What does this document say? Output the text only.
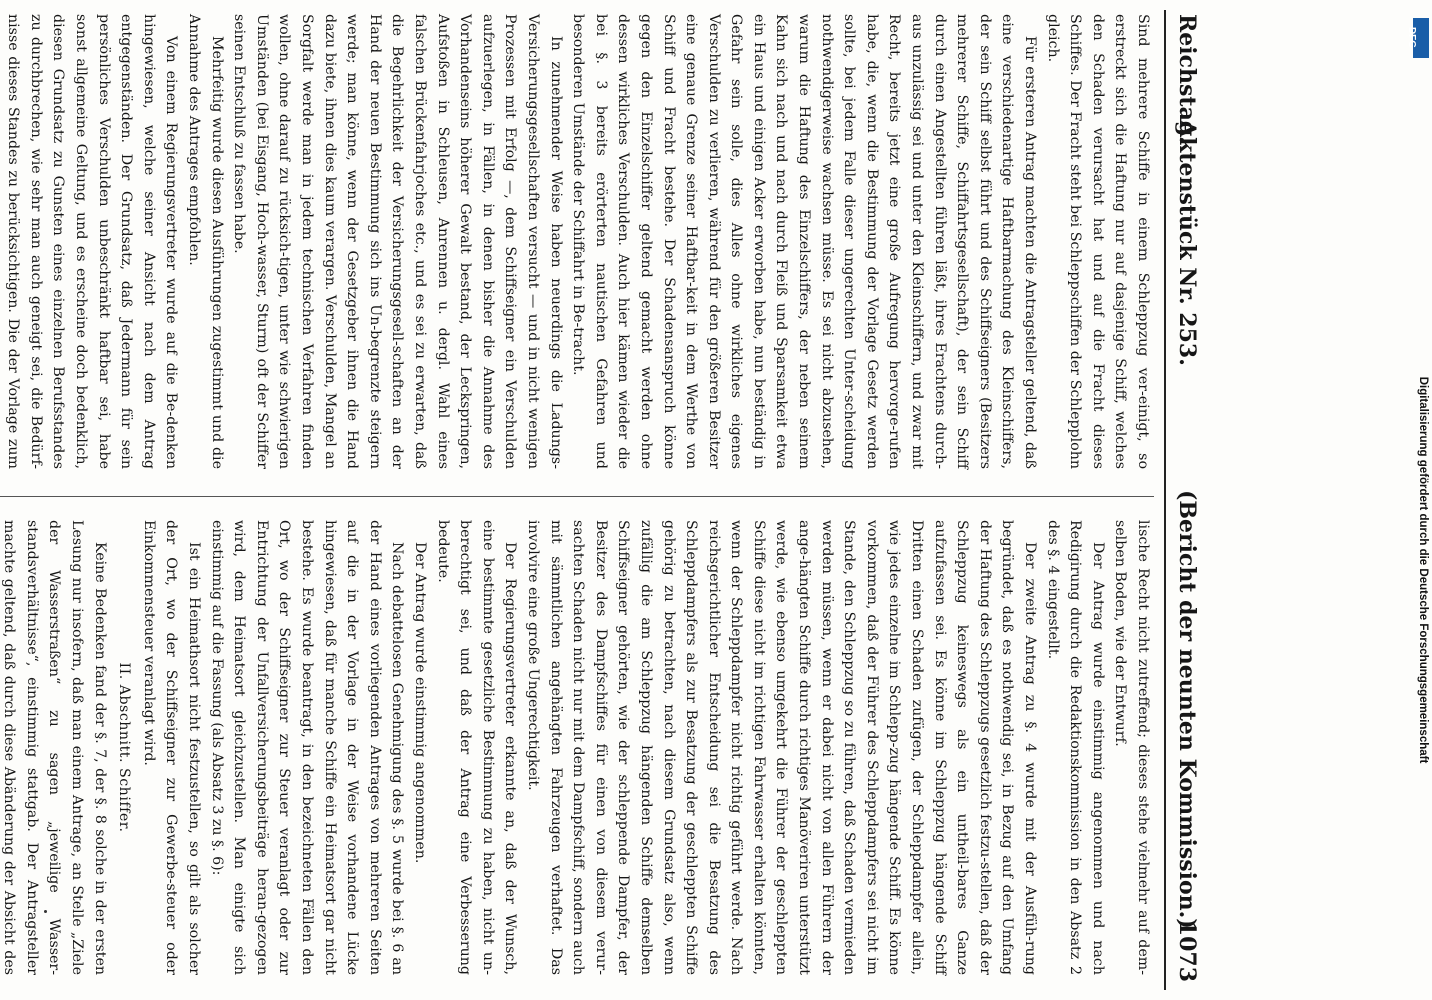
Reichstag.
Aktenstück Nr. 253.
(Bericht der neunten Kommission.)
1073

Sind mehrere Schiffe in einem Schleppzug ver-einigt, so erstreckt sich die Haftung nur auf dasjenige Schiff, welches den Schaden verursacht hat und auf die Fracht dieses Schiffes. Der Fracht steht bei Schleppschiffen der Schlepplohn gleich.

Für ersteren Antrag machten die Antragsteller geltend, daß eine verschiedenartige Haftbarmachung des Kleinschiffers, der sein Schiff selbst führt und des Schiffseigners (Besitzers mehrerer Schiffe, Schiffahrtsgesellschaft), der sein Schiff durch einen Angestellten führen läßt, ihres Erachtens durch-aus unzulässig sei und unter den Kleinschiffern, und zwar mit Recht, bereits jetzt eine große Aufregung hervorge-rufen habe, die, wenn die Bestimmung der Vorlage Gesetz werden sollte, bei jedem Falle dieser ungerechten Unter-scheidung nothwendigerweise wachsen müsse. Es sei nicht abzusehen, warum die Haftung des Einzelschiffers, der neben seinem Kahn sich nach und nach durch Fleiß und Sparsamkeit etwa ein Haus und einigen Acker erworben habe, nun beständig in Gefahr sein solle, dies Alles ohne wirkliches eigenes Verschulden zu verlieren, während für den größeren Besitzer eine genaue Grenze seiner Haftbar-keit in dem Werthe von Schiff und Fracht bestehe. Der Schadensanspruch könne gegen den Einzelschiffer geltend gemacht werden ohne dessen wirkliches Verschulden. Auch hier kämen wieder die bei §. 3 bereits erörterten nautischen Gefahren und besonderen Umstände der Schiffahrt in Be-tracht.

In zunehmender Weise haben neuerdings die Ladungs-Versicherungsgesellschaften versucht — und in nicht wenigen Prozessen mit Erfolg —, dem Schiffseigner ein Verschulden aufzuerlegen, in Fällen, in denen bisher die Annahme des Vorhandenseins höherer Gewalt bestand, der Leckspringen, Aufstoßen in Schleusen, Anrennen u. dergl. Wahl eines falschen Brückenfahrjoches etc., und es sei zu erwarten, daß die Begehrlichkeit der Versicherungsgesell-schaften an der Hand der neuen Bestimmung sich ins Un-begrenzte steigern werde; man könne, wenn der Gesetzgeber ihnen die Hand dazu biete, ihnen dies kaum verargen. Verschulden, Mangel an Sorgfalt werde man in jedem technischen Verfahren finden wollen, ohne darauf zu rücksich-tigen, unter wie schwierigen Umständen (bei Eisgang, Hoch-wasser, Sturm) oft der Schiffer seinen Entschluß zu fassen habe.

Mehrfeitig wurde diesen Ausführungen zugestimmt und die Annahme des Antrages empfohlen.

Von einem Regierungsvertreter wurde auf die Be-denken hingewiesen, welche seiner Ansicht nach dem Antrag entgegenständen. Der Grundsatz, daß Jedermann für sein persönliches Verschulden unbeschränkt haftbar sei, habe sonst allgemeine Geltung, und es erscheine doch bedenklich, diesen Grundsatz zu Gunsten eines einzelnen Berufsstandes zu durchbrechen, wie sehr man auch geneigt sei, die Bedürf-nisse dieses Standes zu berücksichtigen. Die der Vorlage zum

lische Recht nicht zutreffend; dieses stehe vielmehr auf dem-selben Boden, wie der Entwurf.

Der Antrag wurde einstimmig angenommen und nach Redigirung durch die Redaktionskommission in den Absatz 2 des §. 4 eingestellt.

Der zweite Antrag zu §. 4 wurde mit der Ausfüh-rung begründet, daß es nothwendig sei, in Bezug auf den Umfang der Haftung des Schleppzugs gesetzlich festzu-stellen, daß der Schleppzug keineswegs als ein untheil-bares Ganze aufzufassen sei. Es könne im Schleppzug hängende Schiff Dritten einen Schaden zufügen, der Schleppdampfer allein, wie jedes einzelne im Schlepp-zug hängende Schiff. Es könne vorkommen, daß der Führer des Schleppdampfers sei nicht im Stande, den Schleppzug so zu führen, daß Schaden vermieden werden müssen, wenn er dabei nicht von allen Führern der ange-hängten Schiffe durch richtiges Manöveriren unterstützt werde, wie ebenso umgekehrt die Führer der geschleppten Schiffe diese nicht im richtigen Fahrwasser erhalten könnten, wenn der Schleppdampfer nicht richtig geführt werde. Nach reichsgerichtlicher Entscheidung sei die Besatzung des Schleppdampfers als zur Besatzung der geschleppten Schiffe gehörig zu betrachten, nach diesem Grundsatz also, wenn zufällig die am Schleppzug hängenden Schiffe demselben Schiffseigner gehörten, wie der schleppende Dampfer, der Besitzer des Dampfschiffes für einen von diesem verur-sachten Schaden nicht nur mit dem Dampfschiff, sondern auch mit sämmtlichen angehängten Fahrzeugen verhaftet. Das involvire eine große Ungerechtigkeit.

Der Regierungsvertreter erkannte an, daß der Wunsch, eine bestimmte gesetzliche Bestimmung zu haben, nicht un-berechtigt sei, und daß der Antrag eine Verbesserung bedeute.

Der Antrag wurde einstimmig angenommen.

Nach debattelosen Genehmigung des §. 5 wurde bei §. 6 an der Hand eines vorliegenden Antrages von mehreren Seiten auf die in der Vorlage in der Weise vorhandene Lücke hingewiesen, daß für manche Schiffe ein Heimatsort gar nicht bestehe. Es wurde beantragt, in den bezeichneten Fällen den Ort, wo der Schiffseigner zur Steuer veranlagt oder zur Entrichtung der Unfallversicherungsbeiträge heran-gezogen wird, dem Heimatsort gleichzustellen. Man einigte sich einstimmig auf die Fassung (als Absatz 3 zu §. 6):

Ist ein Heimathsort nicht festzustellen, so gilt als solcher der Ort, wo der Schiffseigner zur Gewerbe-steuer oder Einkommensteuer veranlagt wird.

II. Abschnitt. Schiffer.

Keine Bedenken fand der §. 7, der §. 8 solche in der ersten Lesung nur insofern, daß man einem Antrage, an Stelle „Ziele der Wasserstraßen“ zu sagen „jeweilige Wasser-standsverhältnisse“, einstimmig stattgab. Der Antragsteller machte geltend, daß durch diese Abänderung der Absicht des

DFG
Digitalisierung gefördert durch die Deutsche Forschungsgemeinschaft
